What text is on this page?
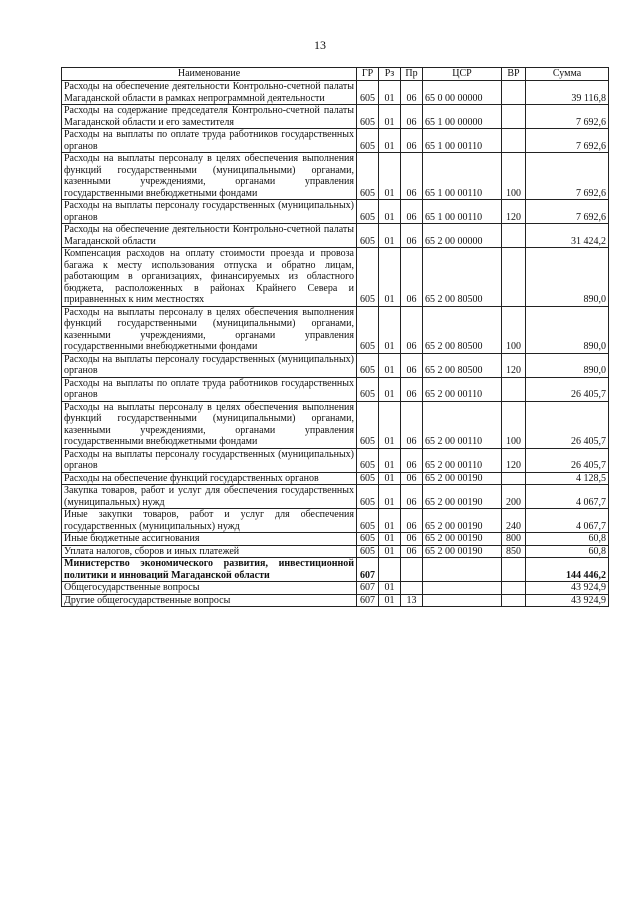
13
Наименование	ГР	Рз	Пр	ЦСР	ВР	Сумма
Расходы на обеспечение деятельности Контрольно-счетной палаты Магаданской области в рамках непрограммной деятельности	605	01	06	65 0 00 00000		39 116,8
Расходы на содержание председателя Контрольно-счетной палаты Магаданской области и его заместителя	605	01	06	65 1 00 00000		7 692,6
Расходы на выплаты по оплате труда работников государственных органов	605	01	06	65 1 00 00110		7 692,6
Расходы на выплаты персоналу в целях обеспечения выполнения функций государственными (муниципальными) органами, казенными учреждениями, органами управления государственными внебюджетными фондами	605	01	06	65 1 00 00110	100	7 692,6
Расходы на выплаты персоналу государственных (муниципальных) органов	605	01	06	65 1 00 00110	120	7 692,6
Расходы на обеспечение деятельности Контрольно-счетной палаты Магаданской области	605	01	06	65 2 00 00000		31 424,2
Компенсация расходов на оплату стоимости проезда и провоза багажа к месту использования отпуска и обратно лицам, работающим в организациях, финансируемых из областного бюджета, расположенных в районах Крайнего Севера и приравненных к ним местностях	605	01	06	65 2 00 80500		890,0
Расходы на выплаты персоналу в целях обеспечения выполнения функций государственными (муниципальными) органами, казенными учреждениями, органами управления государственными внебюджетными фондами	605	01	06	65 2 00 80500	100	890,0
Расходы на выплаты персоналу государственных (муниципальных) органов	605	01	06	65 2 00 80500	120	890,0
Расходы на выплаты по оплате труда работников государственных органов	605	01	06	65 2 00 00110		26 405,7
Расходы на выплаты персоналу в целях обеспечения выполнения функций государственными (муниципальными) органами, казенными учреждениями, органами управления государственными внебюджетными фондами	605	01	06	65 2 00 00110	100	26 405,7
Расходы на выплаты персоналу государственных (муниципальных) органов	605	01	06	65 2 00 00110	120	26 405,7
Расходы на обеспечение функций государственных органов	605	01	06	65 2 00 00190		4 128,5
Закупка товаров, работ и услуг для обеспечения государственных (муниципальных) нужд	605	01	06	65 2 00 00190	200	4 067,7
Иные закупки товаров, работ и услуг для обеспечения государственных (муниципальных) нужд	605	01	06	65 2 00 00190	240	4 067,7
Иные бюджетные ассигнования	605	01	06	65 2 00 00190	800	60,8
Уплата налогов, сборов и иных платежей	605	01	06	65 2 00 00190	850	60,8
Министерство экономического развития, инвестиционной политики и инноваций Магаданской области	607					144 446,2
Общегосударственные вопросы	607	01				43 924,9
Другие общегосударственные вопросы	607	01	13			43 924,9
